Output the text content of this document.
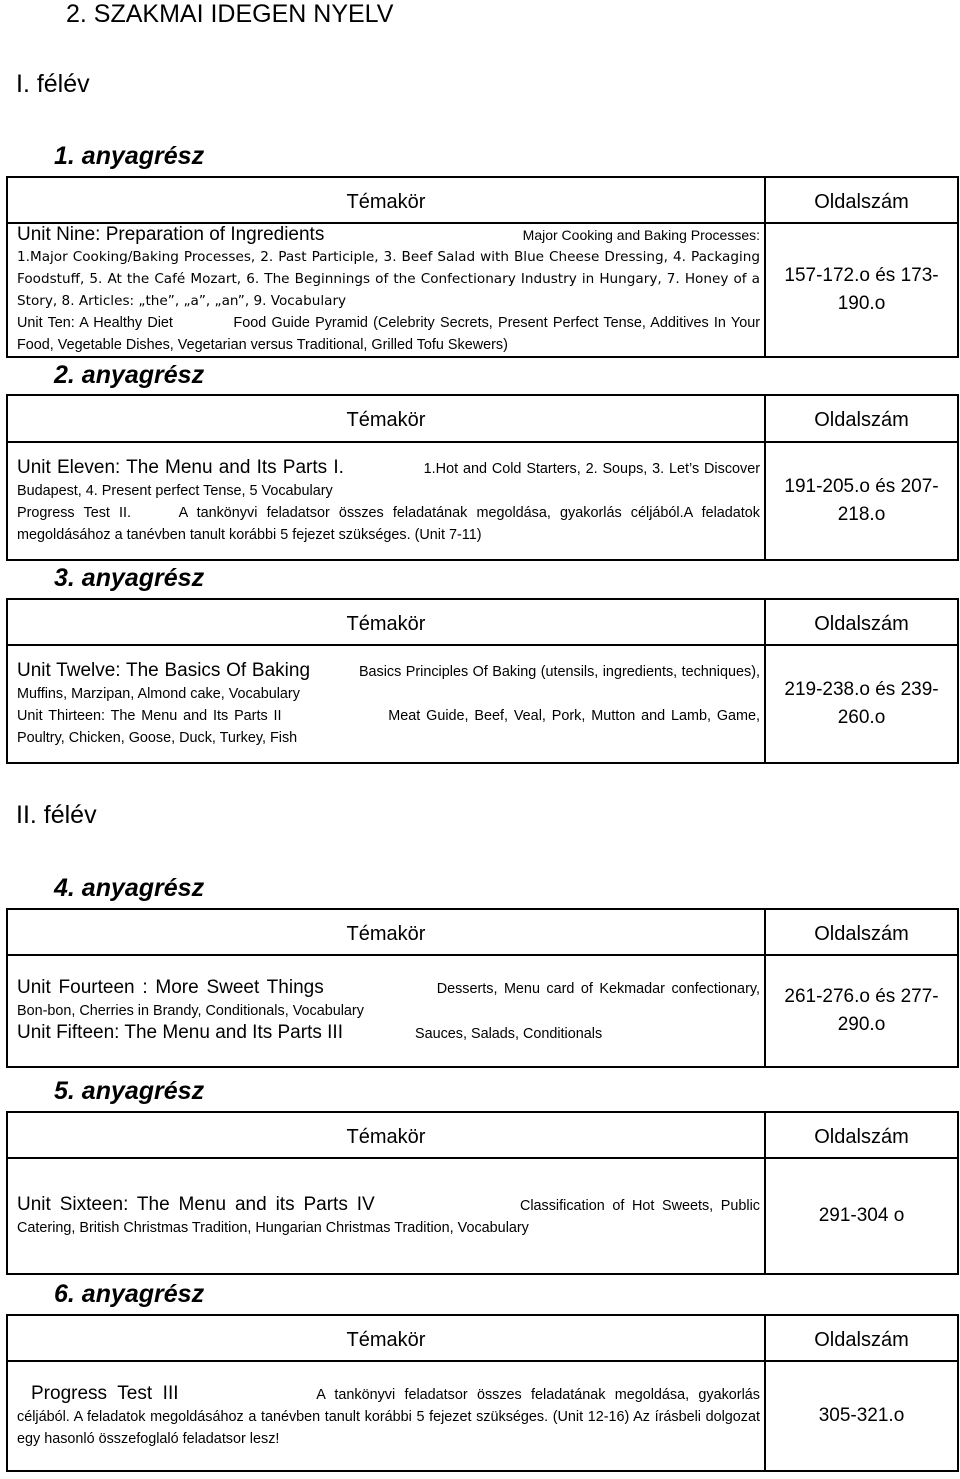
2. SZAKMAI IDEGEN NYELV
I. félév
1. anyagrész
Témakör	Oldalszám

Unit Nine: Preparation of Ingredients Major Cooking and Baking Processes:
1.Major Cooking/Baking Processes, 2. Past Participle, 3. Beef Salad with Blue Cheese Dressing, 4. Packaging Foodstuff, 5. At the Café Mozart, 6. The Beginnings of the Confectionary Industry in Hungary, 7. Honey of a Story, 8. Articles: „the”, „a”, „an”, 9. Vocabulary
Unit Ten: A Healthy Diet Food Guide Pyramid (Celebrity Secrets, Present Perfect Tense, Additives In Your Food, Vegetable Dishes, Vegetarian versus Traditional, Grilled Tofu Skewers)	157-172.o és 173-190.o
2. anyagrész
Témakör	Oldalszám

Unit Eleven: The Menu and Its Parts I. 1.Hot and Cold Starters, 2. Soups, 3. Let’s Discover Budapest, 4. Present perfect Tense, 5 Vocabulary
Progress Test II. A tankönyvi feladatsor összes feladatának megoldása, gyakorlás céljából.A feladatok megoldásához a tanévben tanult korábbi 5 fejezet szükséges. (Unit 7-11)	191-205.o és 207-218.o
3. anyagrész
Témakör	Oldalszám

Unit Twelve: The Basics Of Baking Basics Principles Of Baking (utensils, ingredients, techniques), Muffins, Marzipan, Almond cake, Vocabulary
Unit Thirteen: The Menu and Its Parts II Meat Guide, Beef, Veal, Pork, Mutton and Lamb, Game, Poultry, Chicken, Goose, Duck, Turkey, Fish	219-238.o és 239-260.o
II. félév
4. anyagrész
Témakör	Oldalszám

Unit Fourteen : More Sweet Things Desserts, Menu card of Kekmadar confectionary, Bon-bon, Cherries in Brandy, Conditionals, Vocabulary
Unit Fifteen: The Menu and Its Parts III Sauces, Salads, Conditionals	261-276.o és 277-290.o
5. anyagrész
Témakör	Oldalszám

Unit Sixteen: The Menu and its Parts IV Classification of Hot Sweets, Public Catering, British Christmas Tradition, Hungarian Christmas Tradition, Vocabulary	291-304 o
6. anyagrész
Témakör	Oldalszám

Progress Test III A tankönyvi feladatsor összes feladatának megoldása, gyakorlás céljából. A feladatok megoldásához a tanévben tanult korábbi 5 fejezet szükséges. (Unit 12-16) Az írásbeli dolgozat egy hasonló összefoglaló feladatsor lesz!	305-321.o
